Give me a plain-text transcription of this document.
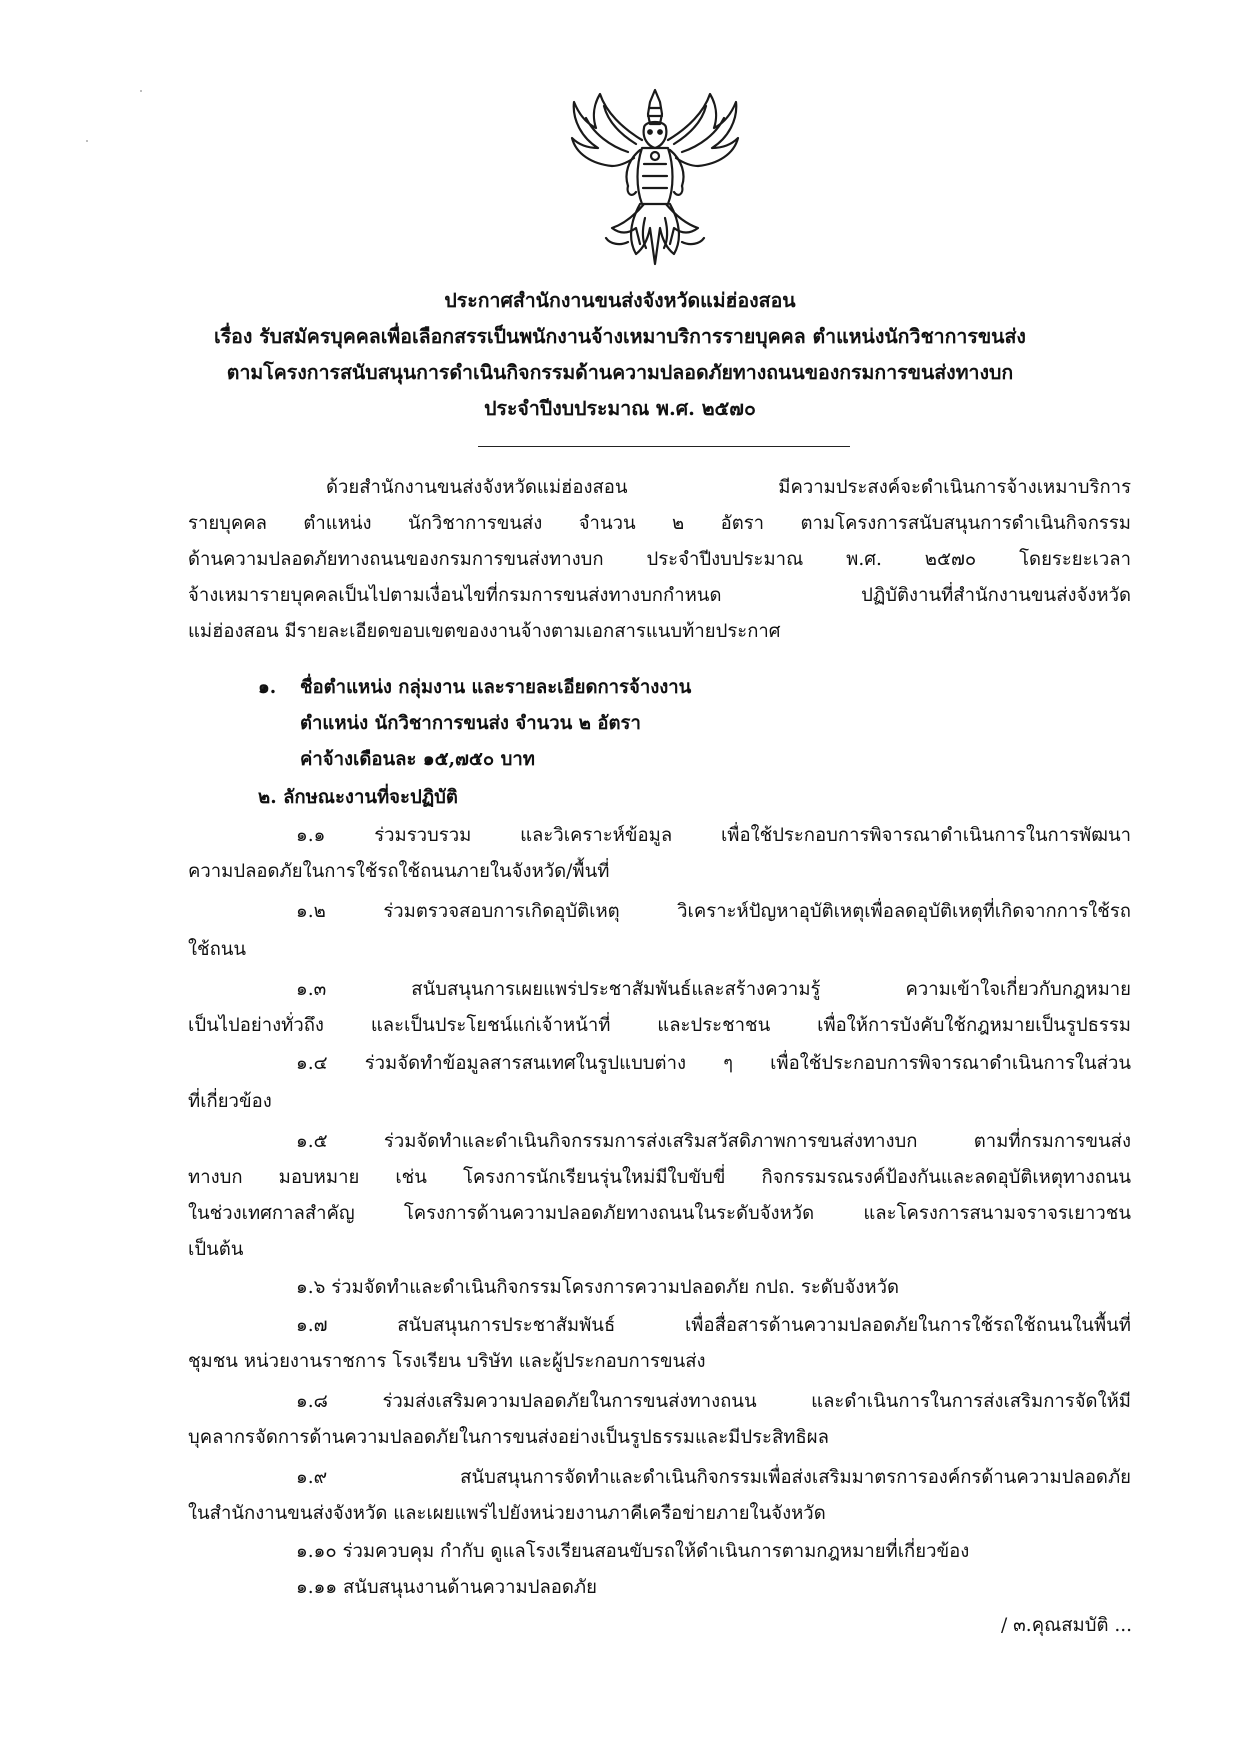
ประกาศสำนักงานขนส่งจังหวัดแม่ฮ่องสอน
เรื่อง รับสมัครบุคคลเพื่อเลือกสรรเป็นพนักงานจ้างเหมาบริการรายบุคคล ตำแหน่งนักวิชาการขนส่ง
ตามโครงการสนับสนุนการดำเนินกิจกรรมด้านความปลอดภัยทางถนนของกรมการขนส่งทางบก
ประจำปีงบประมาณ พ.ศ. ๒๕๗๐
ด้วยสำนักงานขนส่งจังหวัดแม่ฮ่องสอน มีความประสงค์จะดำเนินการจ้างเหมาบริการ
รายบุคคล ตำแหน่ง นักวิชาการขนส่ง จำนวน ๒ อัตรา ตามโครงการสนับสนุนการดำเนินกิจกรรม
ด้านความปลอดภัยทางถนนของกรมการขนส่งทางบก ประจำปีงบประมาณ พ.ศ. ๒๕๗๐ โดยระยะเวลา
จ้างเหมารายบุคคลเป็นไปตามเงื่อนไขที่กรมการขนส่งทางบกกำหนด ปฏิบัติงานที่สำนักงานขนส่งจังหวัด
แม่ฮ่องสอน มีรายละเอียดขอบเขตของงานจ้างตามเอกสารแนบท้ายประกาศ
๑. ชื่อตำแหน่ง กลุ่มงาน และรายละเอียดการจ้างงาน
ตำแหน่ง นักวิชาการขนส่ง จำนวน ๒ อัตรา
ค่าจ้างเดือนละ ๑๕,๗๕๐ บาท
๒. ลักษณะงานที่จะปฏิบัติ
๑.๑ ร่วมรวบรวม และวิเคราะห์ข้อมูล เพื่อใช้ประกอบการพิจารณาดำเนินการในการพัฒนา
ความปลอดภัยในการใช้รถใช้ถนนภายในจังหวัด/พื้นที่
๑.๒ ร่วมตรวจสอบการเกิดอุบัติเหตุ วิเคราะห์ปัญหาอุบัติเหตุเพื่อลดอุบัติเหตุที่เกิดจากการใช้รถ
ใช้ถนน
๑.๓ สนับสนุนการเผยแพร่ประชาสัมพันธ์และสร้างความรู้ ความเข้าใจเกี่ยวกับกฎหมาย
เป็นไปอย่างทั่วถึง และเป็นประโยชน์แก่เจ้าหน้าที่ และประชาชน เพื่อให้การบังคับใช้กฎหมายเป็นรูปธรรม
๑.๔ ร่วมจัดทำข้อมูลสารสนเทศในรูปแบบต่าง ๆ เพื่อใช้ประกอบการพิจารณาดำเนินการในส่วน
ที่เกี่ยวข้อง
๑.๕ ร่วมจัดทำและดำเนินกิจกรรมการส่งเสริมสวัสดิภาพการขนส่งทางบก ตามที่กรมการขนส่ง
ทางบก มอบหมาย เช่น โครงการนักเรียนรุ่นใหม่มีใบขับขี่ กิจกรรมรณรงค์ป้องกันและลดอุบัติเหตุทางถนน
ในช่วงเทศกาลสำคัญ โครงการด้านความปลอดภัยทางถนนในระดับจังหวัด และโครงการสนามจราจรเยาวชน
เป็นต้น
๑.๖ ร่วมจัดทำและดำเนินกิจกรรมโครงการความปลอดภัย กปถ. ระดับจังหวัด
๑.๗ สนับสนุนการประชาสัมพันธ์ เพื่อสื่อสารด้านความปลอดภัยในการใช้รถใช้ถนนในพื้นที่
ชุมชน หน่วยงานราชการ โรงเรียน บริษัท และผู้ประกอบการขนส่ง
๑.๘ ร่วมส่งเสริมความปลอดภัยในการขนส่งทางถนน และดำเนินการในการส่งเสริมการจัดให้มี
บุคลากรจัดการด้านความปลอดภัยในการขนส่งอย่างเป็นรูปธรรมและมีประสิทธิผล
๑.๙ สนับสนุนการจัดทำและดำเนินกิจกรรมเพื่อส่งเสริมมาตรการองค์กรด้านความปลอดภัย
ในสำนักงานขนส่งจังหวัด และเผยแพร่ไปยังหน่วยงานภาคีเครือข่ายภายในจังหวัด
๑.๑๐ ร่วมควบคุม กำกับ ดูแลโรงเรียนสอนขับรถให้ดำเนินการตามกฎหมายที่เกี่ยวข้อง
๑.๑๑ สนับสนุนงานด้านความปลอดภัย
/ ๓.คุณสมบัติ ...
